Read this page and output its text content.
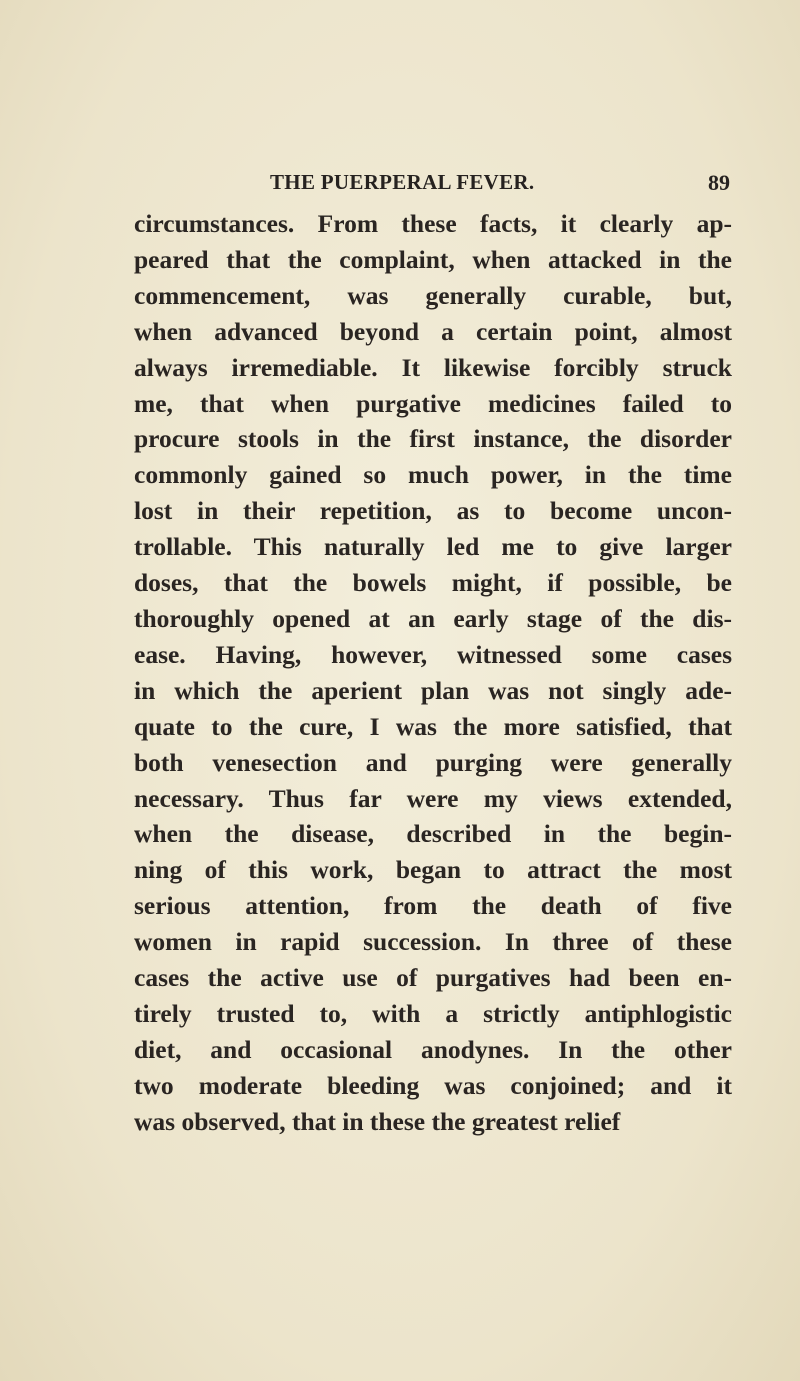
THE PUERPERAL FEVER.	89
circumstances. From these facts, it clearly ap-
peared that the complaint, when attacked in the
commencement, was generally curable, but,
when advanced beyond a certain point, almost
always irremediable. It likewise forcibly struck
me, that when purgative medicines failed to
procure stools in the first instance, the disorder
commonly gained so much power, in the time
lost in their repetition, as to become uncon-
trollable. This naturally led me to give larger
doses, that the bowels might, if possible, be
thoroughly opened at an early stage of the dis-
ease. Having, however, witnessed some cases
in which the aperient plan was not singly ade-
quate to the cure, I was the more satisfied, that
both venesection and purging were generally
necessary. Thus far were my views extended,
when the disease, described in the begin-
ning of this work, began to attract the most
serious attention, from the death of five
women in rapid succession. In three of these
cases the active use of purgatives had been en-
tirely trusted to, with a strictly antiphlogistic
diet, and occasional anodynes. In the other
two moderate bleeding was conjoined; and it
was observed, that in these the greatest relief
